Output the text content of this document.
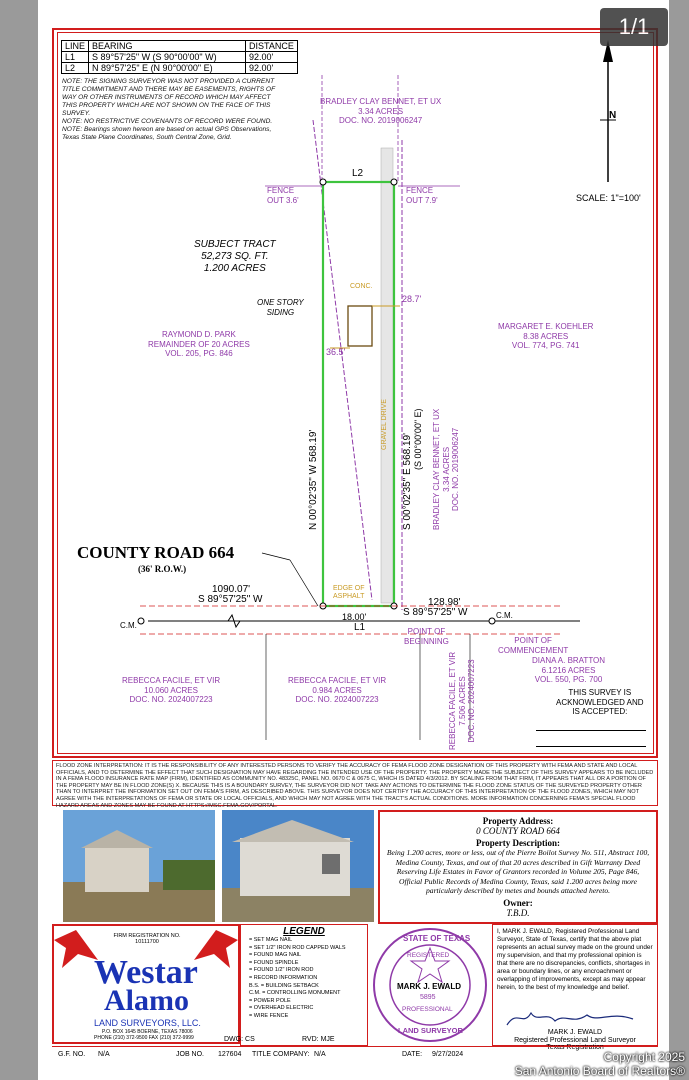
LINE	BEARING	DISTANCE
L1	S 89°57'25" W (S 90°00'00" W)	92.00'
L2	N 89°57'25" E (N 90°00'00" E)	92.00'
NOTE: THE SIGNING SURVEYOR WAS NOT PROVIDED A CURRENT TITLE COMMITMENT AND THERE MAY BE EASEMENTS, RIGHTS OF WAY OR OTHER INSTRUMENTS OF RECORD WHICH MAY AFFECT THIS PROPERTY WHICH ARE NOT SHOWN ON THE FACE OF THIS SURVEY.
NOTE: NO RESTRICTIVE COVENANTS OF RECORD WERE FOUND.
NOTE: Bearings shown hereon are based on actual GPS Observations, Texas State Plane Coordinates, South Central Zone, Grid.
N
SCALE: 1"=100'
BRADLEY CLAY BENNET, ET UX
3.34 ACRES
DOC. NO. 2019006247
RAYMOND D. PARK
REMAINDER OF 20 ACRES
VOL. 205, PG. 846
MARGARET E. KOEHLER
8.38 ACRES
VOL. 774, PG. 741
BRADLEY CLAY BENNET, ET UX 3.34 ACRES DOC. NO. 2019006247
REBECCA FACILE, ET VIR
10.060 ACRES
DOC. NO. 2024007223
REBECCA FACILE, ET VIR
0.984 ACRES
DOC. NO. 2024007223	REBECCA FACILE, ET VIR 7.506 ACRES DOC. NO. 2024007223	DIANA A. BRATTON
6.1216 ACRES
VOL. 550, PG. 700
FENCE
OUT 3.6'
FENCE
OUT 7.9'
L2
L1
SUBJECT TRACT
52,273 SQ. FT.
1.200 ACRES
CONC.
ONE STORY
SIDING
28.7'
36.5'
N 00°02'35" W 568.19'	S 00°02'35" E 568.19' (S 00°00'00" E)
GRAVEL DRIVE
COUNTY ROAD 664
(36' R.O.W.)
1090.07'
S 89°57'25" W	128.98'
S 89°57'25" W
18.00'
EDGE OF
ASPHALT
C.M.
C.M.
POINT OF
BEGINNING	POINT OF
COMMENCEMENT
THIS SURVEY IS
ACKNOWLEDGED AND
IS ACCEPTED:
FLOOD ZONE INTERPRETATION: IT IS THE RESPONSIBILITY OF ANY INTERESTED PERSONS TO VERIFY THE ACCURACY OF FEMA FLOOD ZONE DESIGNATION OF THIS PROPERTY WITH FEMA AND STATE AND LOCAL OFFICIALS, AND TO DETERMINE THE EFFECT THAT SUCH DESIGNATION MAY HAVE REGARDING THE INTENDED USE OF THE PROPERTY. THE PROPERTY MADE THE SUBJECT OF THIS SURVEY APPEARS TO BE INCLUDED IN A FEMA FLOOD INSURANCE RATE MAP (FIRM), IDENTIFIED AS COMMUNITY NO. 48325C, PANEL NO. 0670 C & 0675 C, WHICH IS DATED 4/3/2012. BY SCALING FROM THAT FIRM, IT APPEARS THAT ALL OR A PORTION OF THE PROPERTY MAY BE IN FLOOD ZONE(S) X. BECAUSE THIS IS A BOUNDARY SURVEY, THE SURVEYOR DID NOT TAKE ANY ACTIONS TO DETERMINE THE FLOOD ZONE STATUS OF THE SURVEYED PROPERTY OTHER THAN TO INTERPRET THE INFORMATION SET OUT ON FEMA'S FIRM, AS DESCRIBED ABOVE. THIS SURVEYOR DOES NOT CERTIFY THE ACCURACY OF THIS INTERPRETATION OF THE FLOOD ZONES, WHICH MAY NOT AGREE WITH THE INTERPRETATIONS OF FEMA OR STATE OR LOCAL OFFICIALS, AND WHICH MAY NOT AGREE WITH THE TRACT'S ACTUAL CONDITIONS. MORE INFORMATION CONCERNING FEMA'S SPECIAL FLOOD HAZARD AREAS AND ZONES MAY BE FOUND AT HTTPS://MSC.FEMA.GOV/PORTAL.
Property Address:
0 COUNTY ROAD 664
Property Description:
Being 1.200 acres, more or less, out of the Pierre Boilot Survey No. 511, Abstract 100, Medina County, Texas, and out of that 20 acres described in Gift Warranty Deed Reserving Life Estates in Favor of Grantors recorded in Volume 205, Page 846, Official Public Records of Medina County, Texas, said 1.200 acres being more particularly described by metes and bounds attached hereto.
Owner:
T.B.D.
FIRM REGISTRATION NO. 10111700
Westar
Alamo
LAND SURVEYORS, LLC.
P.O. BOX 1645 BOERNE, TEXAS 78006
PHONE (210) 372-9500 FAX (210) 372-9999
LEGEND
= SET MAG NAIL
= SET 1/2" IRON ROD CAPPED WALS
= FOUND MAG NAIL
= FOUND SPINDLE
= FOUND 1/2" IRON ROD
= RECORD INFORMATION
B.S. = BUILDING SETBACK
C.M. = CONTROLLING MONUMENT
= POWER POLE
= OVERHEAD ELECTRIC
= WIRE FENCE
STATE OF TEXAS
REGISTERED
MARK J. EWALD
5895
PROFESSIONAL
LAND SURVEYOR
I, MARK J. EWALD, Registered Professional Land Surveyor, State of Texas, certify that the above plat represents an actual survey made on the ground under my supervision, and that my professional opinion is that there are no discrepancies, conflicts, shortages in area or boundary lines, or any encroachment or overlapping of improvements, except as may appear herein, to the best of my knowledge and belief.
MARK J. EWALD
Registered Professional Land Surveyor
Texas Registration
G.F. NO. N/A	JOB NO. 127604 TITLE COMPANY: N/A	DATE: 9/27/2024
DWG: CS	RVD: MJE
1/1
Copyright 2025
San Antonio Board of Realtors®
